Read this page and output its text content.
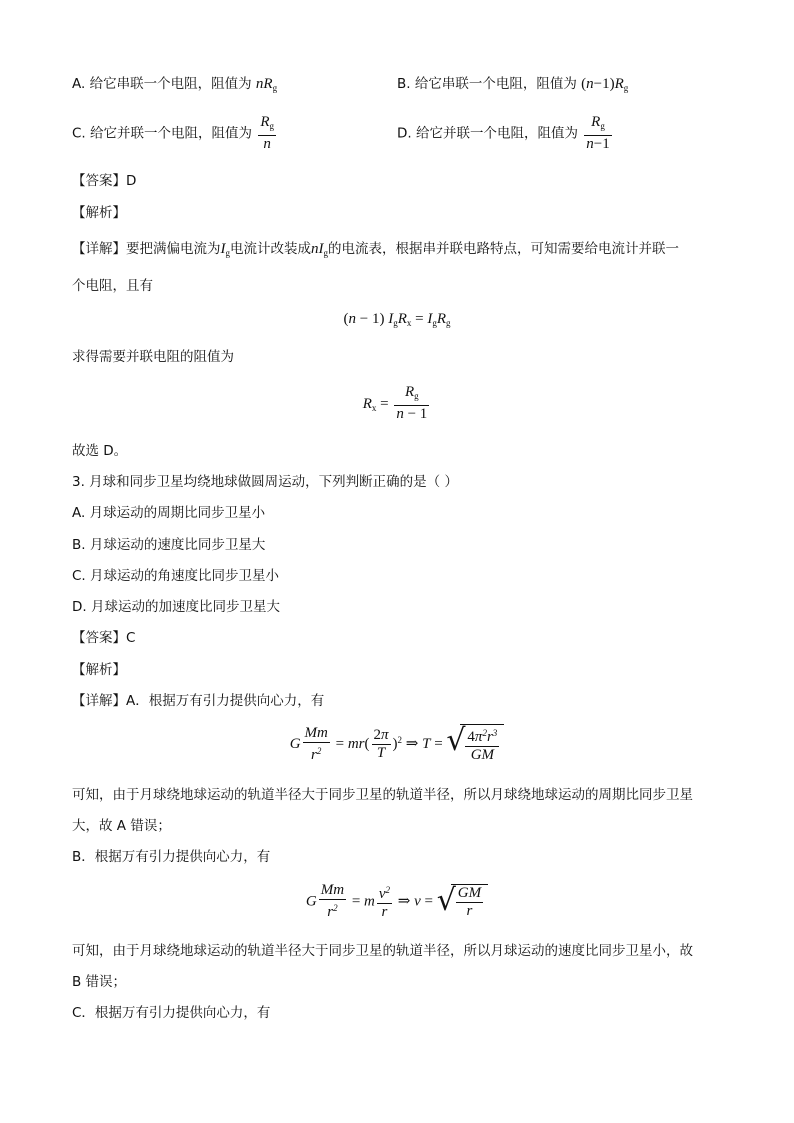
A. 给它串联一个电阻，阻值为 $nR_g$	B. 给它串联一个电阻，阻值为 $(n-1)R_g$
C. 给它并联一个电阻，阻值为 $\frac{R_g}{n}$	D. 给它并联一个电阻，阻值为 $\frac{R_g}{n-1}$
【答案】D
【解析】
【详解】要把满偏电流为$I_g$电流计改装成$nI_g$的电流表，根据串并联电路特点，可知需要给电流计并联一
个电阻，且有
(n − 1) $I_gR_x = I_gR_g$
求得需要并联电阻的阻值为
$R_x = \frac{R_g}{n - 1}$
故选 D。
3. 月球和同步卫星均绕地球做圆周运动，下列判断正确的是（ ）
A. 月球运动的周期比同步卫星小
B. 月球运动的速度比同步卫星大
C. 月球运动的角速度比同步卫星小
D. 月球运动的加速度比同步卫星大
【答案】C
【解析】
【详解】A．根据万有引力提供向心力，有
G $\frac{Mm}{r^2} = mr( \frac{2\pi}{T} )^2$ ⇒ T = √ $\frac{4\pi^2r^3}{GM}$
可知，由于月球绕地球运动的轨道半径大于同步卫星的轨道半径，所以月球绕地球运动的周期比同步卫星
大，故 A 错误；
B．根据万有引力提供向心力，有
G $\frac{Mm}{r^2} = m \frac{v^2}{r}$ ⇒ v = √ $\frac{GM}{r}$
可知，由于月球绕地球运动的轨道半径大于同步卫星的轨道半径，所以月球运动的速度比同步卫星小，故
B 错误；
C．根据万有引力提供向心力，有
